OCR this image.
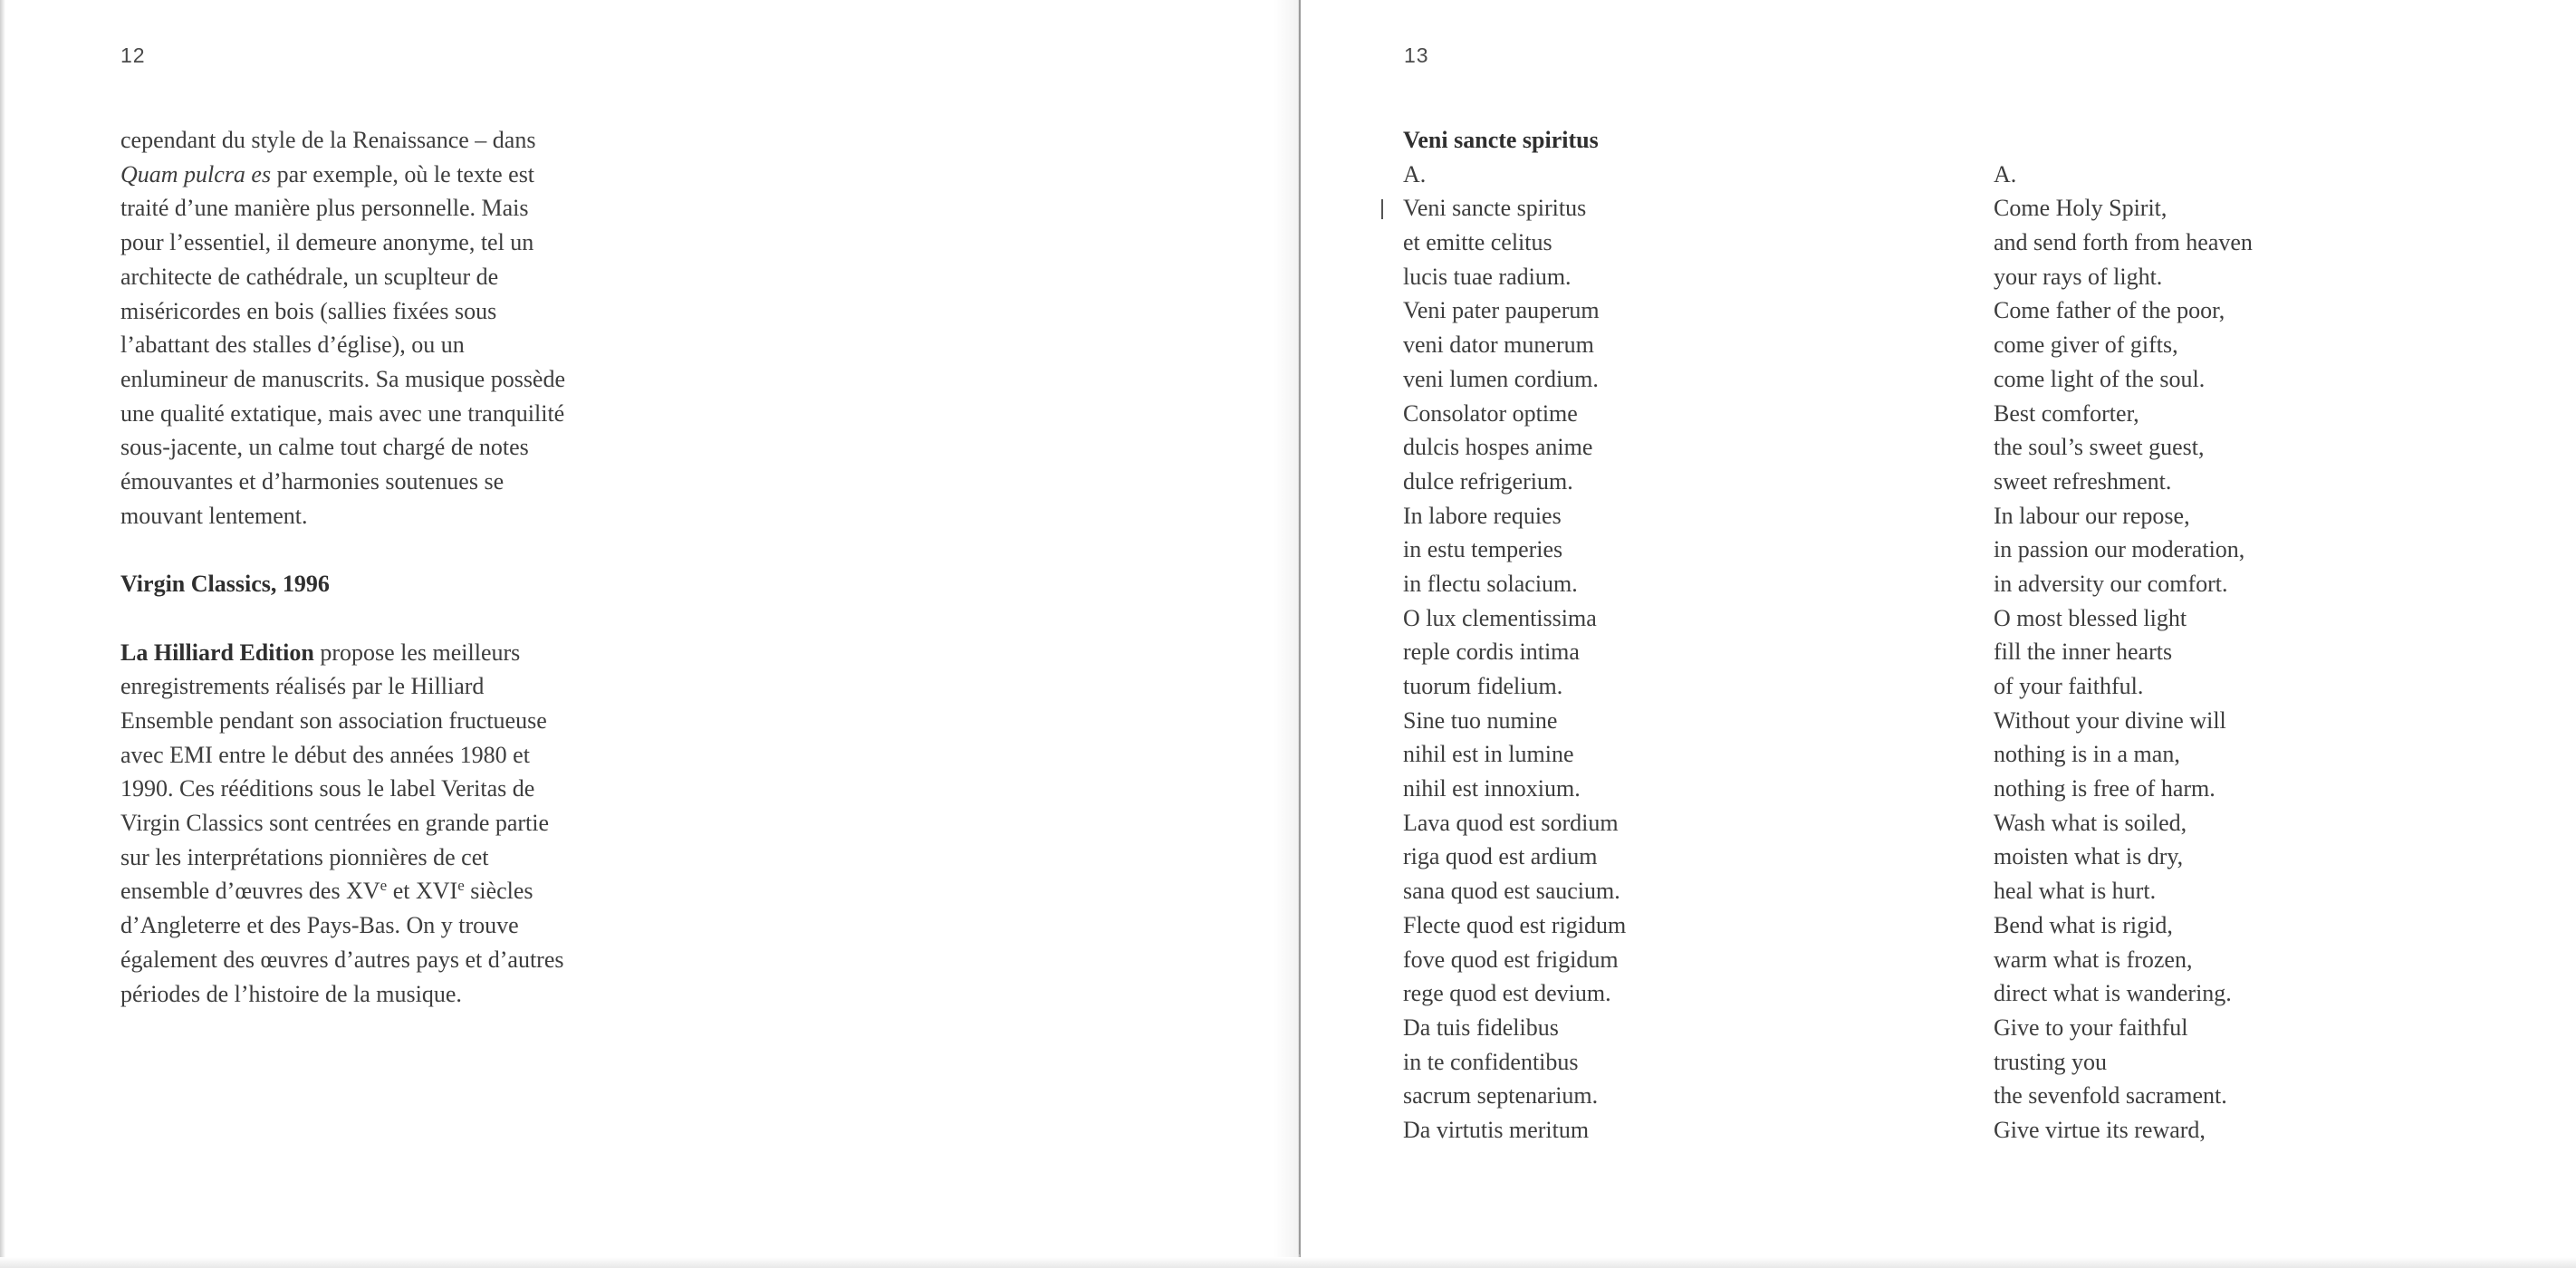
12

cependant du style de la Renaissance – dans

Quam pulcra es par exemple, où le texte est

traité d’une manière plus personnelle. Mais

pour l’essentiel, il demeure anonyme, tel un

architecte de cathédrale, un scuplteur de

miséricordes en bois (sallies fixées sous

l’abattant des stalles d’église), ou un

enlumineur de manuscrits. Sa musique possède

une qualité extatique, mais avec une tranquilité

sous-jacente, un calme tout chargé de notes

émouvantes et d’harmonies soutenues se

mouvant lentement.

Virgin Classics, 1996

La Hilliard Edition propose les meilleurs

enregistrements réalisés par le Hilliard

Ensemble pendant son association fructueuse

avec EMI entre le début des années 1980 et

1990. Ces rééditions sous le label Veritas de

Virgin Classics sont centrées en grande partie

sur les interprétations pionnières de cet

ensemble d’œuvres des XVe et XVIe siècles

d’Angleterre et des Pays-Bas. On y trouve

également des œuvres d’autres pays et d’autres

périodes de l’histoire de la musique.

13
Veni sancte spiritus
A.
Veni sancte spiritus
et emitte celitus
lucis tuae radium.
Veni pater pauperum
veni dator munerum
veni lumen cordium.
Consolator optime
dulcis hospes anime
dulce refrigerium.
In labore requies
in estu temperies
in flectu solacium.
O lux clementissima
reple cordis intima
tuorum fidelium.
Sine tuo numine
nihil est in lumine
nihil est innoxium.
Lava quod est sordium
riga quod est ardium
sana quod est saucium.
Flecte quod est rigidum
fove quod est frigidum
rege quod est devium.
Da tuis fidelibus
in te confidentibus
sacrum septenarium.
Da virtutis meritum
A.
Come Holy Spirit,
and send forth from heaven
your rays of light.
Come father of the poor,
come giver of gifts,
come light of the soul.
Best comforter,
the soul’s sweet guest,
sweet refreshment.
In labour our repose,
in passion our moderation,
in adversity our comfort.
O most blessed light
fill the inner hearts
of your faithful.
Without your divine will
nothing is in a man,
nothing is free of harm.
Wash what is soiled,
moisten what is dry,
heal what is hurt.
Bend what is rigid,
warm what is frozen,
direct what is wandering.
Give to your faithful
trusting you
the sevenfold sacrament.
Give virtue its reward,
